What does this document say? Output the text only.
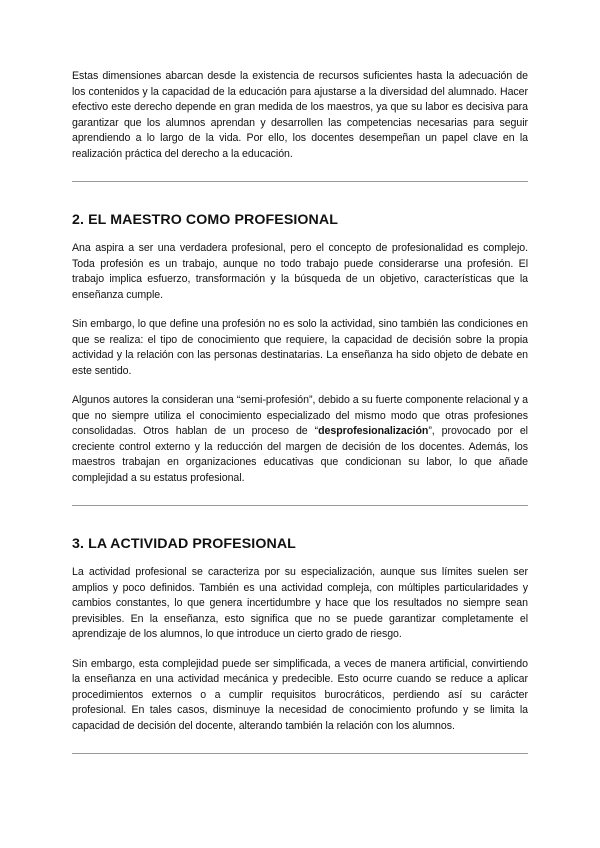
Estas dimensiones abarcan desde la existencia de recursos suficientes hasta la adecuación de los contenidos y la capacidad de la educación para ajustarse a la diversidad del alumnado. Hacer efectivo este derecho depende en gran medida de los maestros, ya que su labor es decisiva para garantizar que los alumnos aprendan y desarrollen las competencias necesarias para seguir aprendiendo a lo largo de la vida. Por ello, los docentes desempeñan un papel clave en la realización práctica del derecho a la educación.

2. EL MAESTRO COMO PROFESIONAL

Ana aspira a ser una verdadera profesional, pero el concepto de profesionalidad es complejo. Toda profesión es un trabajo, aunque no todo trabajo puede considerarse una profesión. El trabajo implica esfuerzo, transformación y la búsqueda de un objetivo, características que la enseñanza cumple.

Sin embargo, lo que define una profesión no es solo la actividad, sino también las condiciones en que se realiza: el tipo de conocimiento que requiere, la capacidad de decisión sobre la propia actividad y la relación con las personas destinatarias. La enseñanza ha sido objeto de debate en este sentido.

Algunos autores la consideran una “semi-profesión”, debido a su fuerte componente relacional y a que no siempre utiliza el conocimiento especializado del mismo modo que otras profesiones consolidadas. Otros hablan de un proceso de “desprofesionalización”, provocado por el creciente control externo y la reducción del margen de decisión de los docentes. Además, los maestros trabajan en organizaciones educativas que condicionan su labor, lo que añade complejidad a su estatus profesional.

3. LA ACTIVIDAD PROFESIONAL

La actividad profesional se caracteriza por su especialización, aunque sus límites suelen ser amplios y poco definidos. También es una actividad compleja, con múltiples particularidades y cambios constantes, lo que genera incertidumbre y hace que los resultados no siempre sean previsibles. En la enseñanza, esto significa que no se puede garantizar completamente el aprendizaje de los alumnos, lo que introduce un cierto grado de riesgo.

Sin embargo, esta complejidad puede ser simplificada, a veces de manera artificial, convirtiendo la enseñanza en una actividad mecánica y predecible. Esto ocurre cuando se reduce a aplicar procedimientos externos o a cumplir requisitos burocráticos, perdiendo así su carácter profesional. En tales casos, disminuye la necesidad de conocimiento profundo y se limita la capacidad de decisión del docente, alterando también la relación con los alumnos.
